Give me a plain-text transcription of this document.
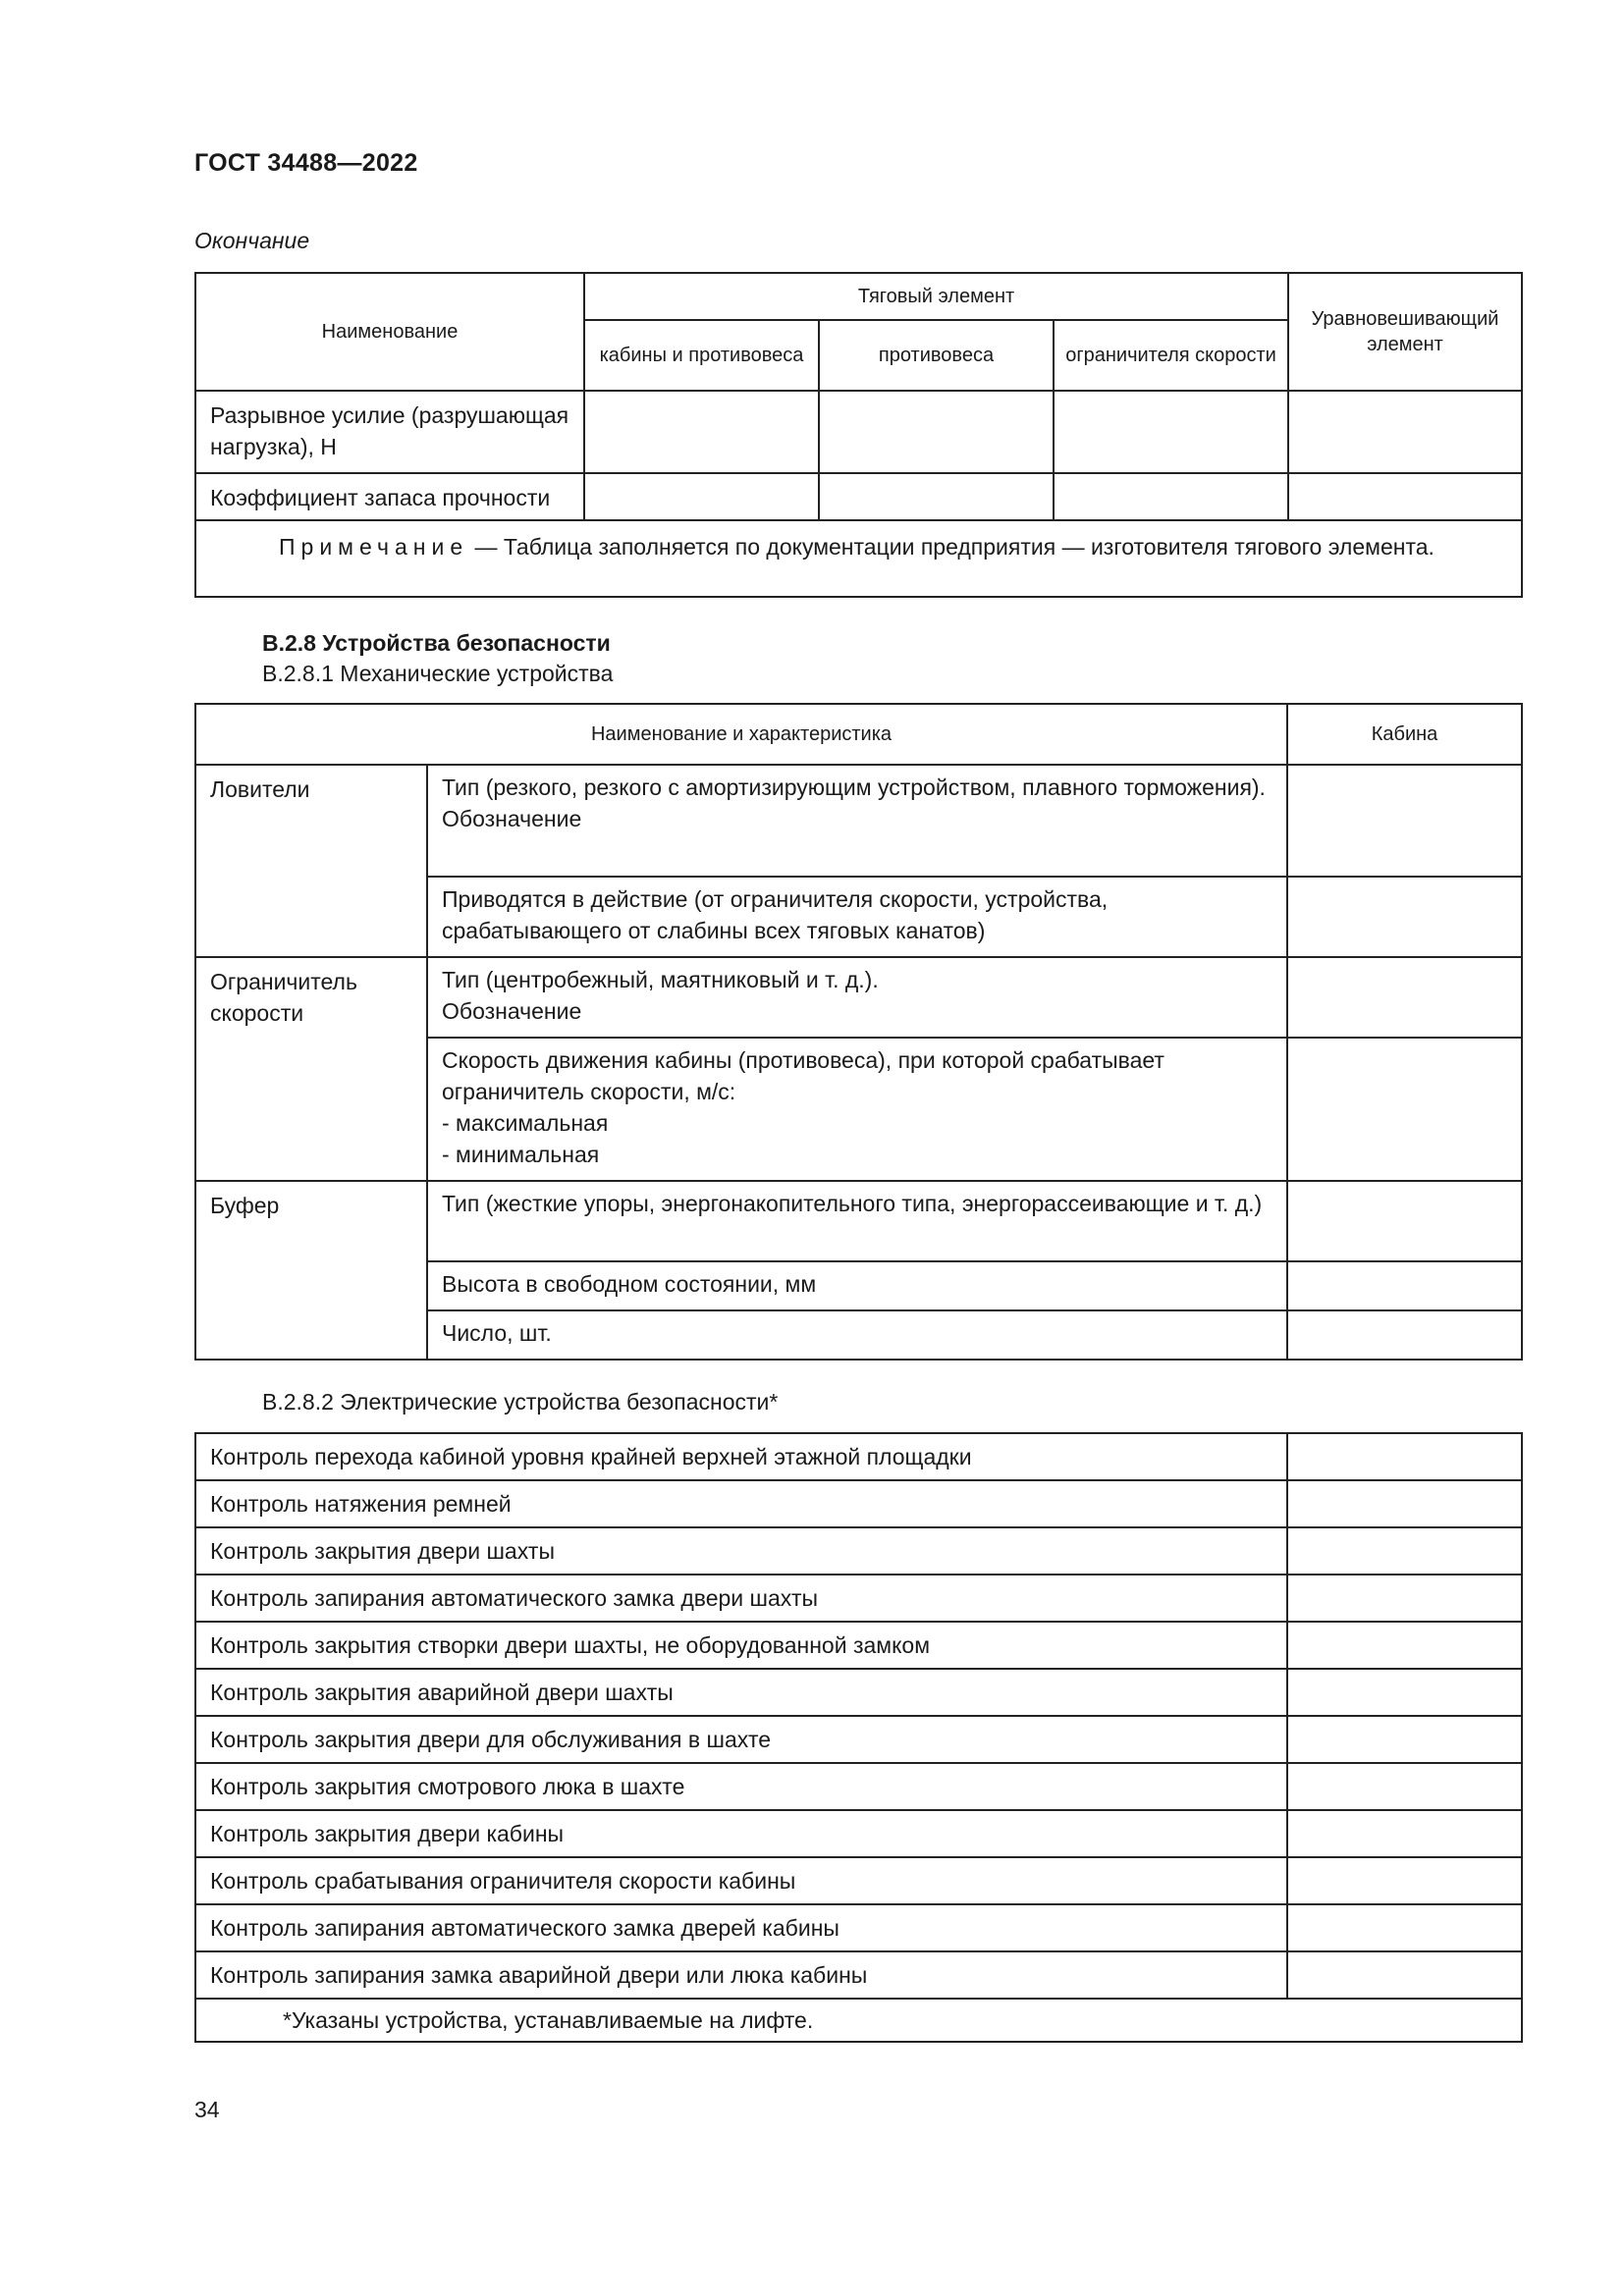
ГОСТ 34488—2022
Окончание
Наименование	Тяговый элемент			Уравновешивающий элемент
	кабины и противовеса	противовеса	ограничителя скорости	
Разрывное усилие (разрушающая нагрузка), Н				
Коэффициент запаса прочности				
Примечание — Таблица заполняется по документации предприятия — изготовителя тягового элемента.				
В.2.8 Устройства безопасности
В.2.8.1 Механические устройства
Наименование и характеристика		Кабина
Ловители	Тип (резкого, резкого с амортизирующим устройством, плавного торможения).
Обозначение	

	Приводятся в действие (от ограничителя скорости, устройства, срабатывающего от слабины всех тяговых канатов)	

Ограничитель скорости	Тип (центробежный, маятниковый и т. д.).
Обозначение	

	Скорость движения кабины (противовеса), при которой срабатывает ограничитель скорости, м/с:
- максимальная
- минимальная	

Буфер	Тип (жесткие упоры, энергонакопительного типа, энергорассеивающие и т. д.)	

	Высота в свободном состоянии, мм	

	Число, шт.	

В.2.8.2 Электрические устройства безопасности*
Контроль перехода кабиной уровня крайней верхней этажной площадки	
Контроль натяжения ремней	
Контроль закрытия двери шахты	
Контроль запирания автоматического замка двери шахты	
Контроль закрытия створки двери шахты, не оборудованной замком	
Контроль закрытия аварийной двери шахты	
Контроль закрытия двери для обслуживания в шахте	
Контроль закрытия смотрового люка в шахте	
Контроль закрытия двери кабины	
Контроль срабатывания ограничителя скорости кабины	
Контроль запирания автоматического замка дверей кабины	
Контроль запирания замка аварийной двери или люка кабины	
*Указаны устройства, устанавливаемые на лифте.	
34
